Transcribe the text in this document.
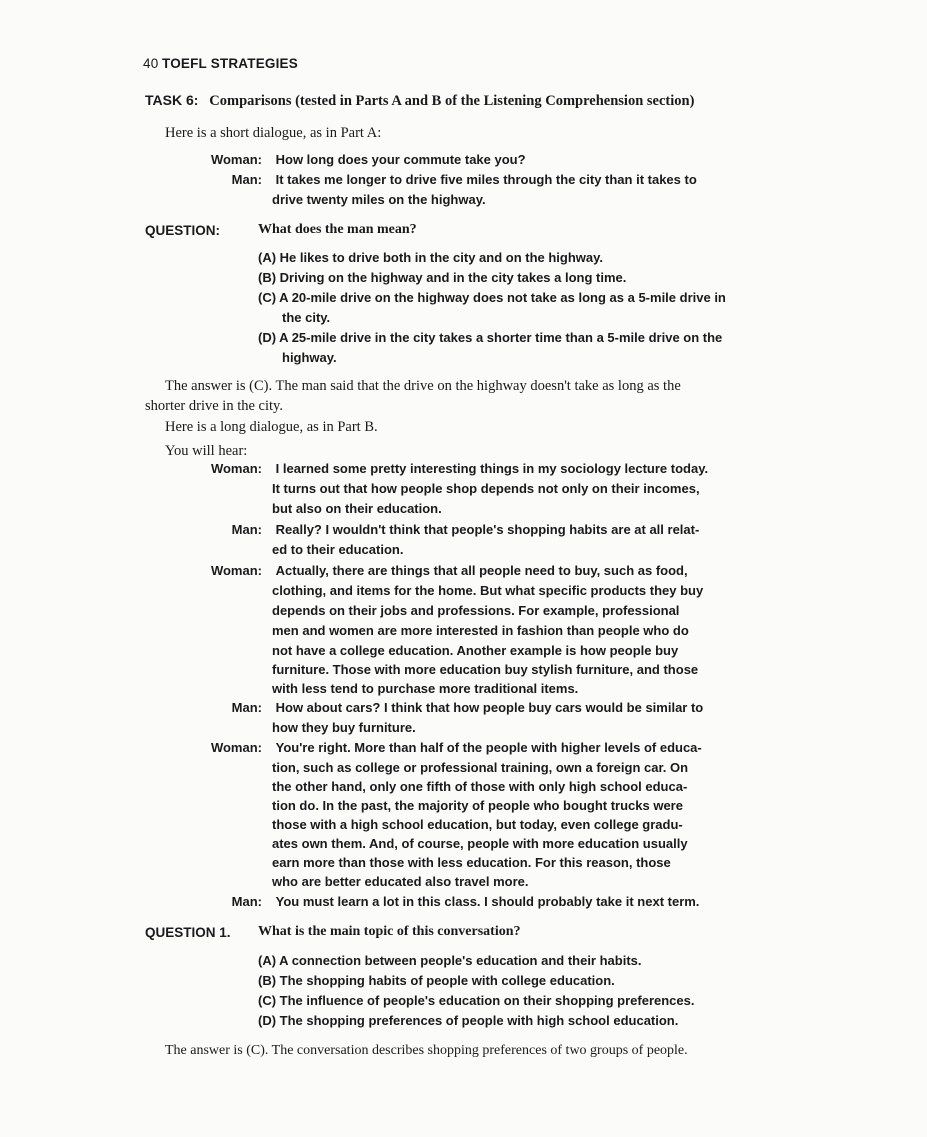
40 TOEFL STRATEGIES
TASK 6: Comparisons (tested in Parts A and B of the Listening Comprehension section)
Here is a short dialogue, as in Part A:
Woman: How long does your commute take you?
Man: It takes me longer to drive five miles through the city than it takes to
drive twenty miles on the highway.
QUESTION:	What does the man mean?
(A) He likes to drive both in the city and on the highway.
(B) Driving on the highway and in the city takes a long time.
(C) A 20-mile drive on the highway does not take as long as a 5-mile drive in
the city.
(D) A 25-mile drive in the city takes a shorter time than a 5-mile drive on the
highway.
The answer is (C). The man said that the drive on the highway doesn't take as long as the
shorter drive in the city.
Here is a long dialogue, as in Part B.
You will hear:
Woman: I learned some pretty interesting things in my sociology lecture today.
It turns out that how people shop depends not only on their incomes,
but also on their education.
Man: Really? I wouldn't think that people's shopping habits are at all relat-
ed to their education.
Woman: Actually, there are things that all people need to buy, such as food,
clothing, and items for the home. But what specific products they buy
depends on their jobs and professions. For example, professional
men and women are more interested in fashion than people who do
not have a college education. Another example is how people buy
furniture. Those with more education buy stylish furniture, and those
with less tend to purchase more traditional items.
Man: How about cars? I think that how people buy cars would be similar to
how they buy furniture.
Woman: You're right. More than half of the people with higher levels of educa-
tion, such as college or professional training, own a foreign car. On
the other hand, only one fifth of those with only high school educa-
tion do. In the past, the majority of people who bought trucks were
those with a high school education, but today, even college gradu-
ates own them. And, of course, people with more education usually
earn more than those with less education. For this reason, those
who are better educated also travel more.
Man: You must learn a lot in this class. I should probably take it next term.
QUESTION 1. What is the main topic of this conversation?
(A) A connection between people's education and their habits.
(B) The shopping habits of people with college education.
(C) The influence of people's education on their shopping preferences.
(D) The shopping preferences of people with high school education.
The answer is (C). The conversation describes shopping preferences of two groups of people.
